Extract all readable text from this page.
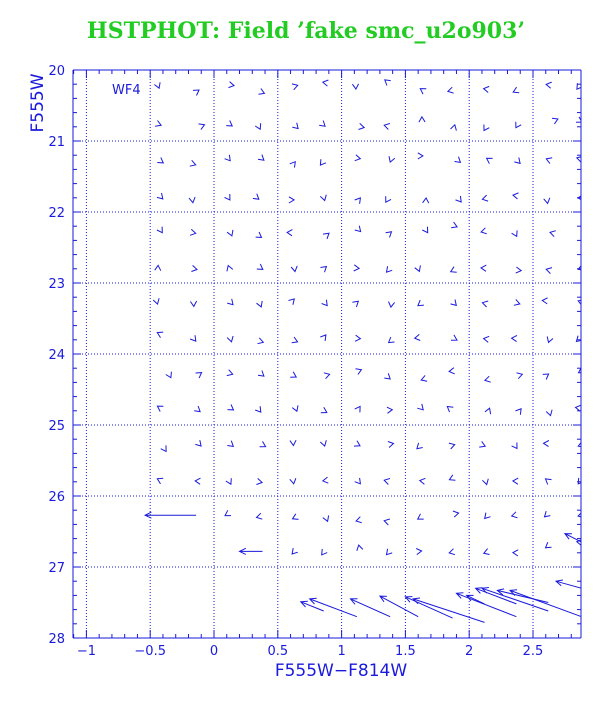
HSTPHOT: Field ’fake smc_u2o903’
20
21
22
23
24
25
26
27
28
−1	−0.5	0	0.5	1	1.5	2	2.5
WF4
F555W−F814W
F555W
